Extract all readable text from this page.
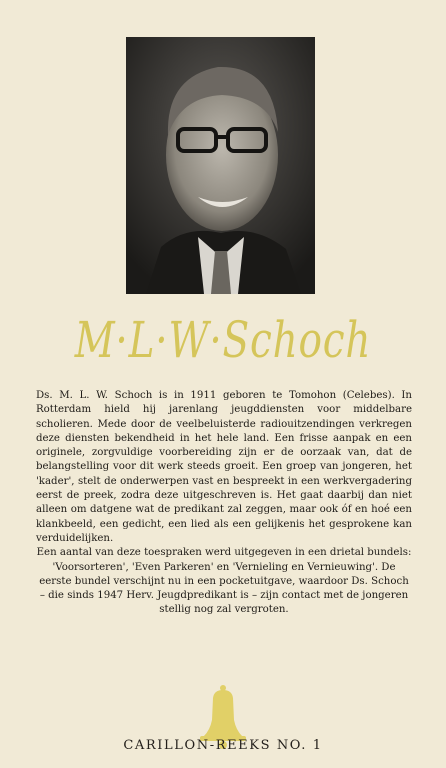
M·L·W·Schoch

Ds. M. L. W. Schoch is in 1911 geboren te Tomohon (Celebes). In Rotterdam hield hij jarenlang jeugddiensten voor middelbare scholieren. Mede door de veelbeluisterde radiouitzendingen verkregen deze diensten bekendheid in het hele land. Een frisse aanpak en een originele, zorgvuldige voorbereiding zijn er de oorzaak van, dat de belangstelling voor dit werk steeds groeit. Een groep van jongeren, het 'kader', stelt de onderwerpen vast en bespreekt in een werkvergadering eerst de preek, zodra deze uitgeschreven is. Het gaat daarbij dan niet alleen om datgene wat de predikant zal zeggen, maar ook óf en hoé een klankbeeld, een gedicht, een lied als een gelijkenis het gesprokene kan verduidelijken.

Een aantal van deze toespraken werd uitgegeven in een drietal bundels: 'Voorsorteren', 'Even Parkeren' en 'Vernieling en Vernieuwing'. De eerste bundel verschijnt nu in een pocketuitgave, waardoor Ds. Schoch – die sinds 1947 Herv. Jeugdpredikant is – zijn contact met de jongeren stellig nog zal vergroten.

CARILLON-REEKS NO. 1
